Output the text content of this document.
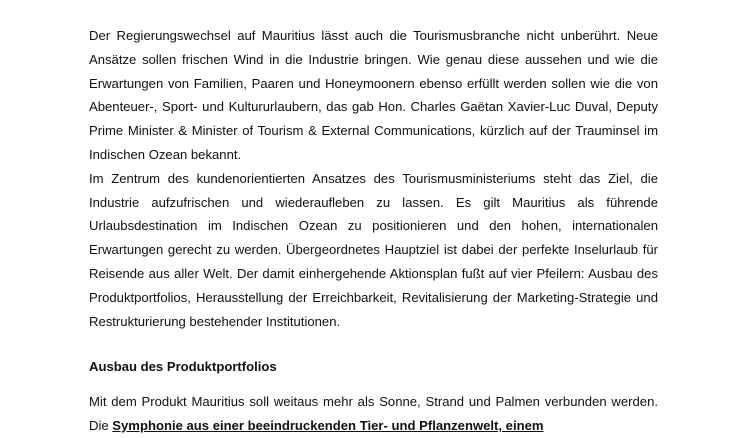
Der Regierungswechsel auf Mauritius lässt auch die Tourismusbranche nicht unberührt. Neue Ansätze sollen frischen Wind in die Industrie bringen. Wie genau diese aussehen und wie die Erwartungen von Familien, Paaren und Honeymoonern ebenso erfüllt werden sollen wie die von Abenteuer-, Sport- und Kultururlaubern, das gab Hon. Charles Gaëtan Xavier-Luc Duval, Deputy Prime Minister & Minister of Tourism & External Communications, kürzlich auf der Trauminsel im Indischen Ozean bekannt.

Im Zentrum des kundenorientierten Ansatzes des Tourismusministeriums steht das Ziel, die Industrie aufzufrischen und wiederaufleben zu lassen. Es gilt Mauritius als führende Urlaubsdestination im Indischen Ozean zu positionieren und den hohen, internationalen Erwartungen gerecht zu werden. Übergeordnetes Hauptziel ist dabei der perfekte Inselurlaub für Reisende aus aller Welt. Der damit einhergehende Aktionsplan fußt auf vier Pfeilern: Ausbau des Produktportfolios, Herausstellung der Erreichbarkeit, Revitalisierung der Marketing-Strategie und Restrukturierung bestehender Institutionen.

Ausbau des Produktportfolios

Mit dem Produkt Mauritius soll weitaus mehr als Sonne, Strand und Palmen verbunden werden. Die Symphonie aus einer beeindruckenden Tier- und Pflanzenwelt, einem
